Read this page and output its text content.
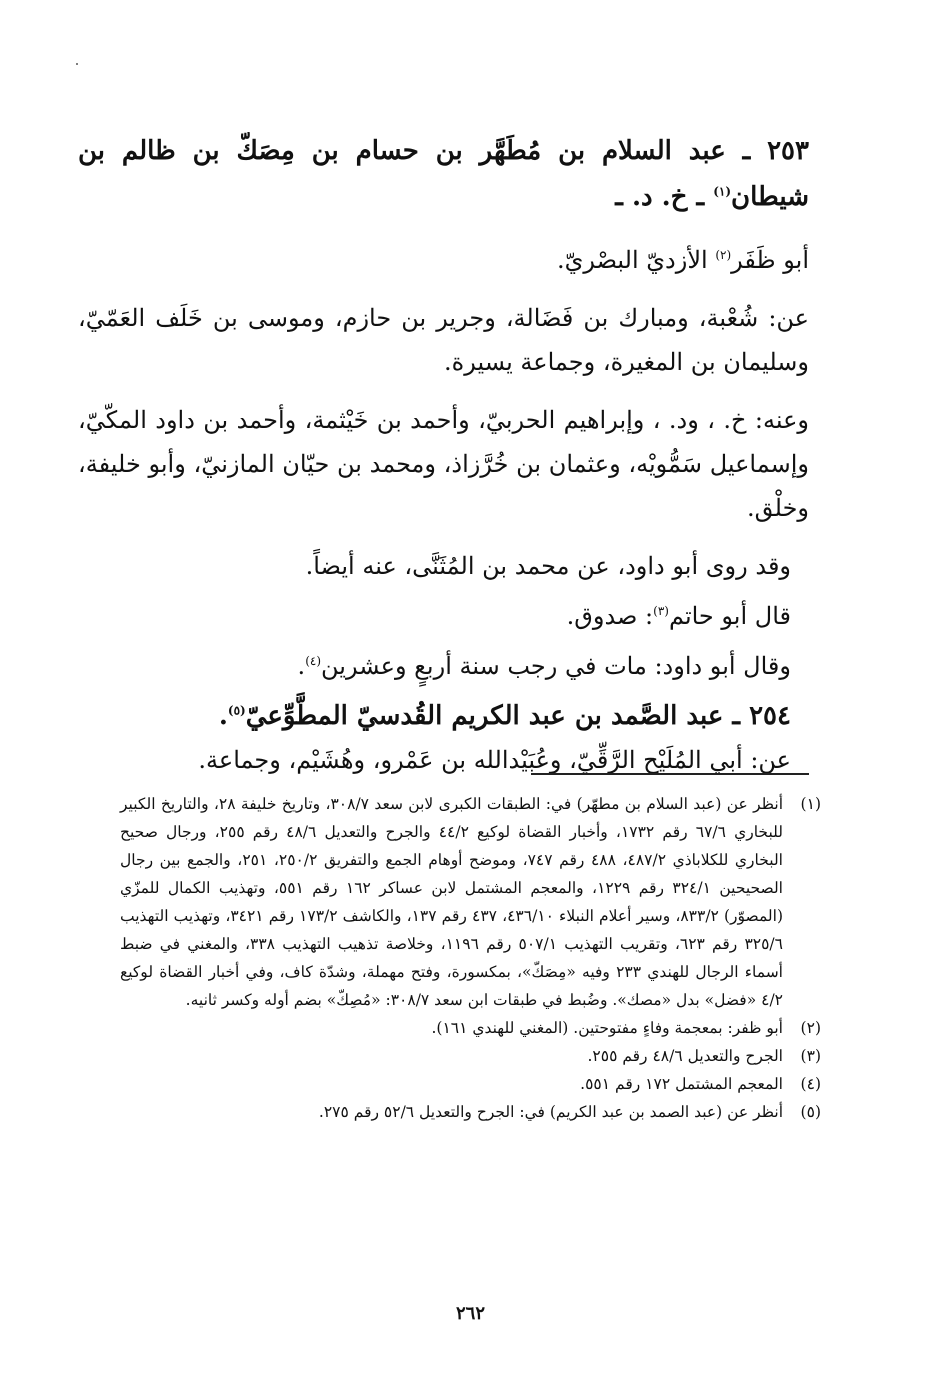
٢٥٣ ـ عبد السلام بن مُطَهَّر بن حسام بن مِصَكّ بن ظالم بن شيطان$^{(١)}$ ـ خ. د. ـ
أبو ظَفَر$^{(٢)}$ الأزديّ البصْريّ.
عن: شُعْبة، ومبارك بن فَضَالة، وجرير بن حازم، وموسى بن خَلَف العَمّيّ، وسليمان بن المغيرة، وجماعة يسيرة.
وعنه: خ. ، ود. ، وإبراهيم الحربيّ، وأحمد بن خَيْثمة، وأحمد بن داود المكّيّ، وإسماعيل سَمُّويْه، وعثمان بن خُرَّزاذ، ومحمد بن حيّان المازنيّ، وأبو خليفة، وخلْق.
وقد روى أبو داود، عن محمد بن المُثَنَّى، عنه أيضاً.
قال أبو حاتم$^{(٣)}$: صدوق.
وقال أبو داود: مات في رجب سنة أربعٍ وعشرين$^{(٤)}$.
٢٥٤ ـ عبد الصَّمد بن عبد الكريم القُدسيّ المطَّوِّعيّ$^{(٥)}$.
عن: أبي المُلَيْح الرَّقِّيّ، وعُبَيْدالله بن عَمْرو، وهُشَيْم، وجماعة.
(١)
أنظر عن (عبد السلام بن مطهّر) في: الطبقات الكبرى لابن سعد ٣٠٨/٧، وتاريخ خليفة ٢٨، والتاريخ الكبير للبخاري ٦٧/٦ رقم ١٧٣٢، وأخبار القضاة لوكيع ٤٤/٢ والجرح والتعديل ٤٨/٦ رقم ٢٥٥، ورجال صحيح البخاري للكلاباذي ٤٨٧/٢، ٤٨٨ رقم ٧٤٧، وموضح أوهام الجمع والتفريق ٢٥٠/٢، ٢٥١، والجمع بين رجال الصحيحين ٣٢٤/١ رقم ١٢٢٩، والمعجم المشتمل لابن عساكر ١٦٢ رقم ٥٥١، وتهذيب الكمال للمزّي (المصوّر) ٨٣٣/٢، وسير أعلام النبلاء ٤٣٦/١٠، ٤٣٧ رقم ١٣٧، والكاشف ١٧٣/٢ رقم ٣٤٢١، وتهذيب التهذيب ٣٢٥/٦ رقم ٦٢٣، وتقريب التهذيب ٥٠٧/١ رقم ١١٩٦، وخلاصة تذهيب التهذيب ٣٣٨، والمغني في ضبط أسماء الرجال للهندي ٢٣٣ وفيه «مِصَكّ»، بمكسورة، وفتح مهملة، وشدّة كاف، وفي أخبار القضاة لوكيع ٤/٢ «فضل» بدل «مصك». وضُبط في طبقات ابن سعد ٣٠٨/٧: «مُصِكّ» بضم أوله وكسر ثانيه.
(٢)
أبو ظفر: بمعجمة وفاءٍ مفتوحتين. (المغني للهندي ١٦١).
(٣)
الجرح والتعديل ٤٨/٦ رقم ٢٥٥.
(٤)
المعجم المشتمل ١٧٢ رقم ٥٥١.
(٥)
أنظر عن (عبد الصمد بن عبد الكريم) في: الجرح والتعديل ٥٢/٦ رقم ٢٧٥.
٢٦٢
